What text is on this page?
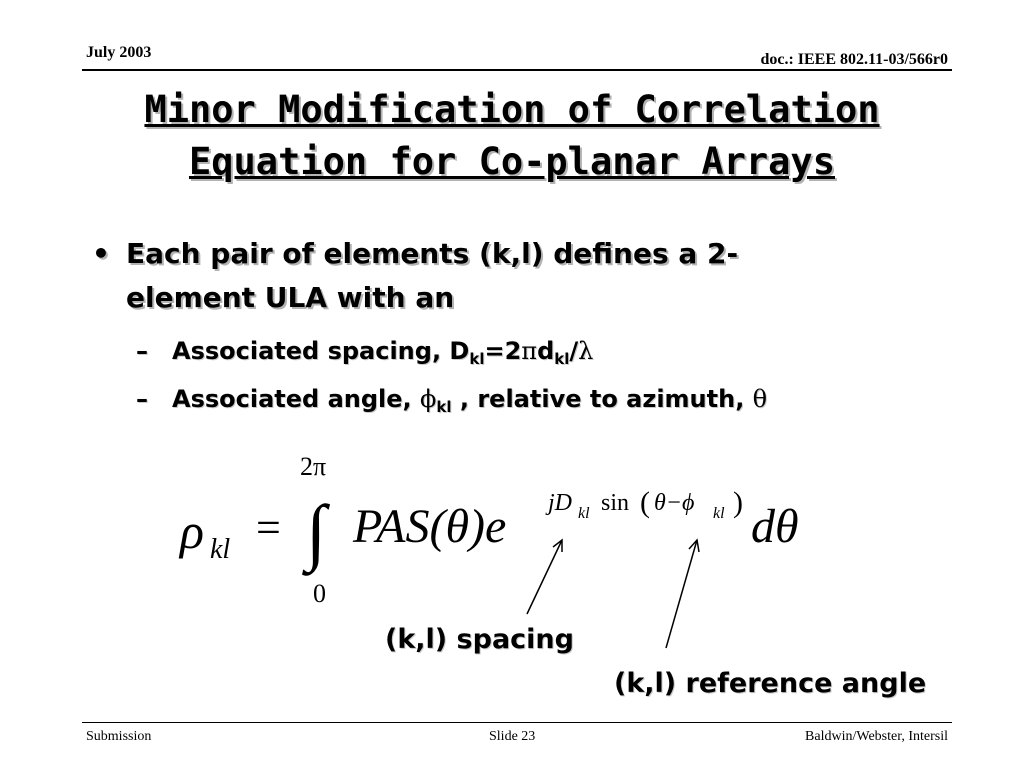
July 2003	doc.: IEEE 802.11-03/566r0
Minor Modification of Correlation
Equation for Co-planar Arrays
• Each pair of elements (k,l) defines a 2-
element ULA with an
– Associated spacing, $D_{kl}=2\pi d_{kl}/\lambda$
– Associated angle, $\phi_{kl}$ , relative to azimuth, θ
2π
0
ρ kl = ∫ PAS(θ)e jD kl sin ( θ−ϕ kl ) dθ
(k,l) spacing
(k,l) reference angle
Submission	Slide 23	Baldwin/Webster, Intersil
